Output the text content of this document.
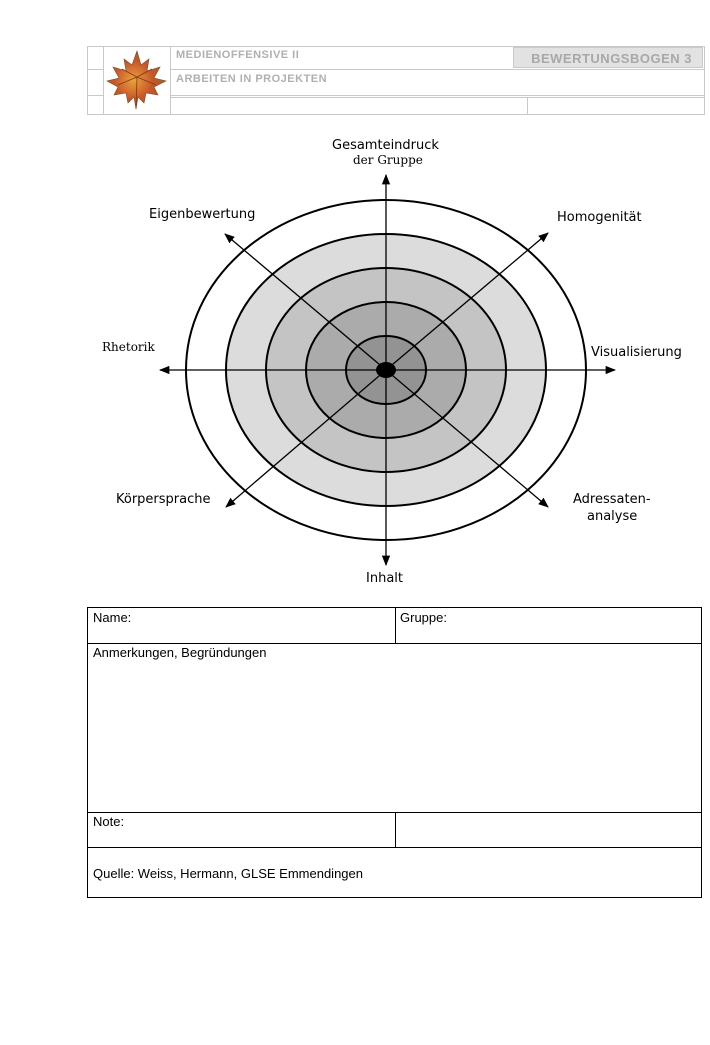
MEDIENOFFENSIVE II
ARBEITEN IN PROJEKTEN
BEWERTUNGSBOGEN 3
Gesamteindruck
der Gruppe
Homogenität
Visualisierung
Adressaten-
analyse
Inhalt
Körpersprache
Rhetorik
Eigenbewertung
Name:	Gruppe:
Anmerkungen, Begründungen
Note:
Quelle: Weiss, Hermann, GLSE Emmendingen
